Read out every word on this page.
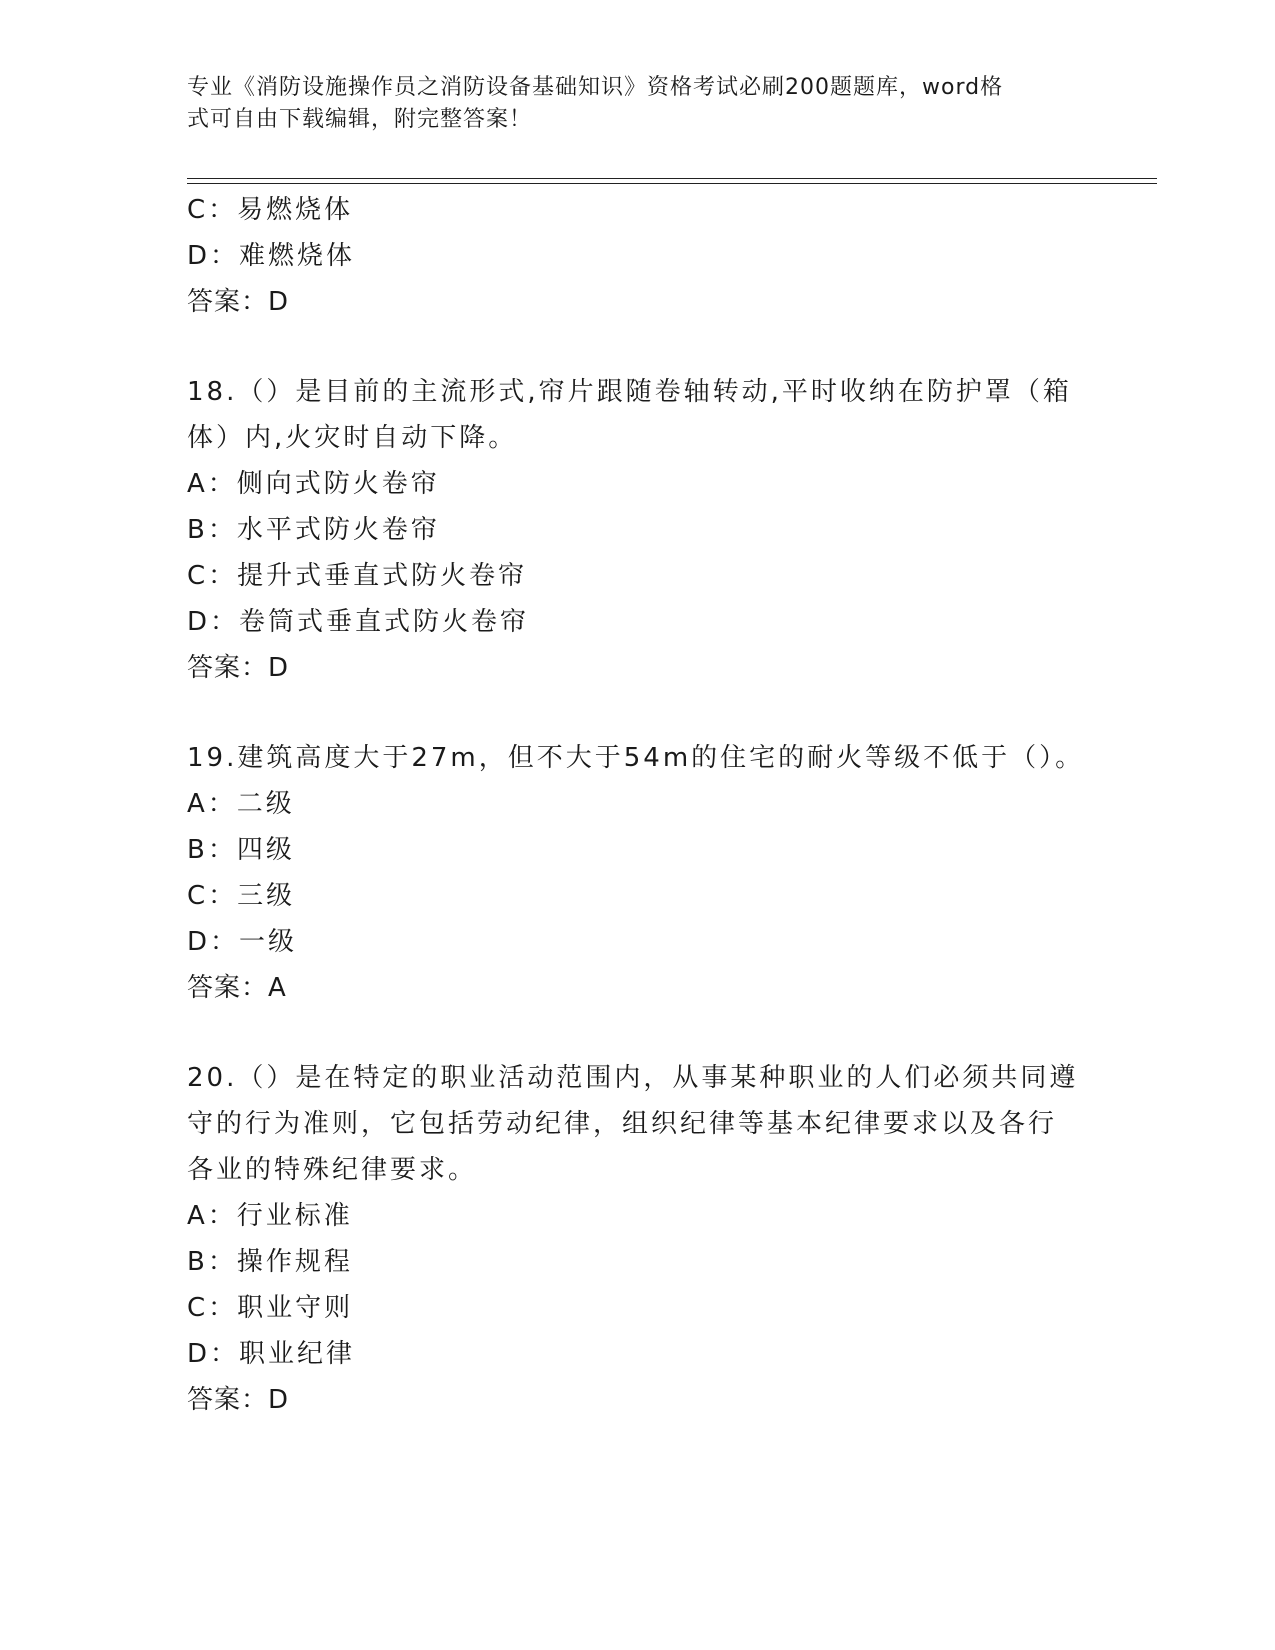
专业《消防设施操作员之消防设备基础知识》资格考试必刷200题题库，word格
式可自由下载编辑，附完整答案！
C：易燃烧体
D：难燃烧体
答案：D
18.（）是目前的主流形式,帘片跟随卷轴转动,平时收纳在防护罩（箱
体）内,火灾时自动下降。
A：侧向式防火卷帘
B：水平式防火卷帘
C：提升式垂直式防火卷帘
D：卷筒式垂直式防火卷帘
答案：D
19.建筑高度大于27m，但不大于54m的住宅的耐火等级不低于（）。
A：二级
B：四级
C：三级
D：一级
答案：A
20.（）是在特定的职业活动范围内，从事某种职业的人们必须共同遵
守的行为准则，它包括劳动纪律，组织纪律等基本纪律要求以及各行
各业的特殊纪律要求。
A：行业标准
B：操作规程
C：职业守则
D：职业纪律
答案：D
